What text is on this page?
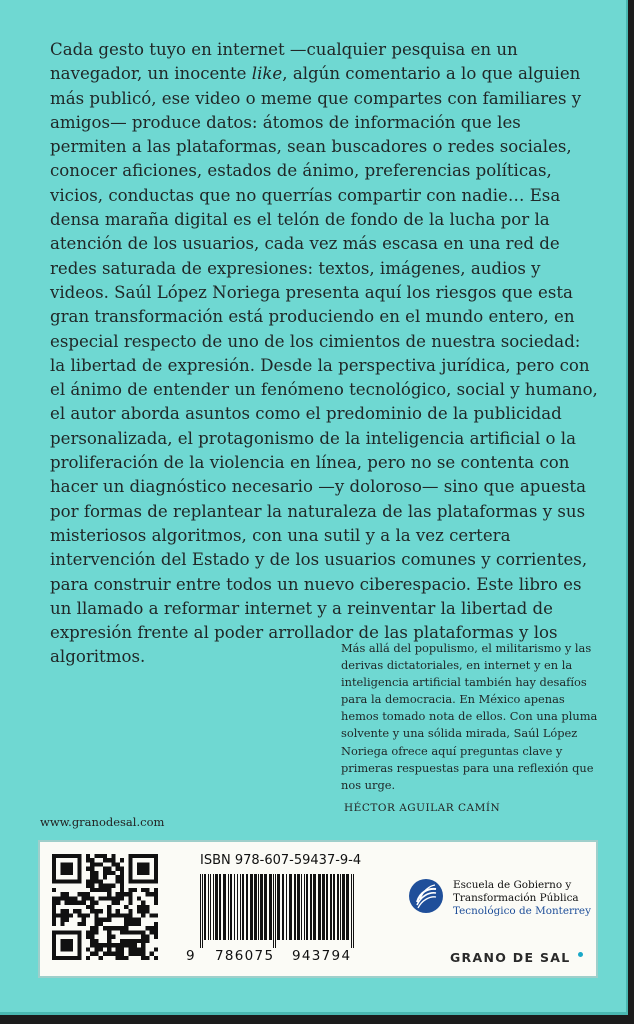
Cada gesto tuyo en internet —cualquier pesquisa en un navegador, un inocente like, algún comentario a lo que alguien más publicó, ese video o meme que compartes con familiares y amigos— produce datos: átomos de información que les permiten a las plataformas, sean buscadores o redes sociales, conocer aficiones, estados de ánimo, preferencias políticas, vicios, conductas que no querrías compartir con nadie… Esa densa maraña digital es el telón de fondo de la lucha por la atención de los usuarios, cada vez más escasa en una red de redes saturada de expresiones: textos, imágenes, audios y videos. Saúl López Noriega presenta aquí los riesgos que esta gran transformación está produciendo en el mundo entero, en especial respecto de uno de los cimientos de nuestra sociedad: la libertad de expresión. Desde la perspectiva jurídica, pero con el ánimo de entender un fenómeno tecnológico, social y humano, el autor aborda asuntos como el predominio de la publicidad personalizada, el protagonismo de la inteligencia artificial o la proliferación de la violencia en línea, pero no se contenta con hacer un diagnóstico necesario —y doloroso— sino que apuesta por formas de replantear la naturaleza de las plataformas y sus misteriosos algoritmos, con una sutil y a la vez certera intervención del Estado y de los usuarios comunes y corrientes, para construir entre todos un nuevo ciberespacio. Este libro es un llamado a reformar internet y a reinventar la libertad de expresión frente al poder arrollador de las plataformas y los algoritmos.	Más allá del populismo, el militarismo y las derivas dictatoriales, en internet y en la inteligencia artificial también hay desafíos para la democracia. En México apenas hemos tomado nota de ellos. Con una pluma solvente y una sólida mirada, Saúl López Noriega ofrece aquí preguntas clave y primeras respuestas para una reflexión que nos urge.

HÉCTOR AGUILAR CAMÍN
www.granodesal.com
ISBN 978-607-59437-9-4
9 786075 943794
Escuela de Gobierno y
Transformación Pública
Tecnológico de Monterrey
GRANO DE SAL
